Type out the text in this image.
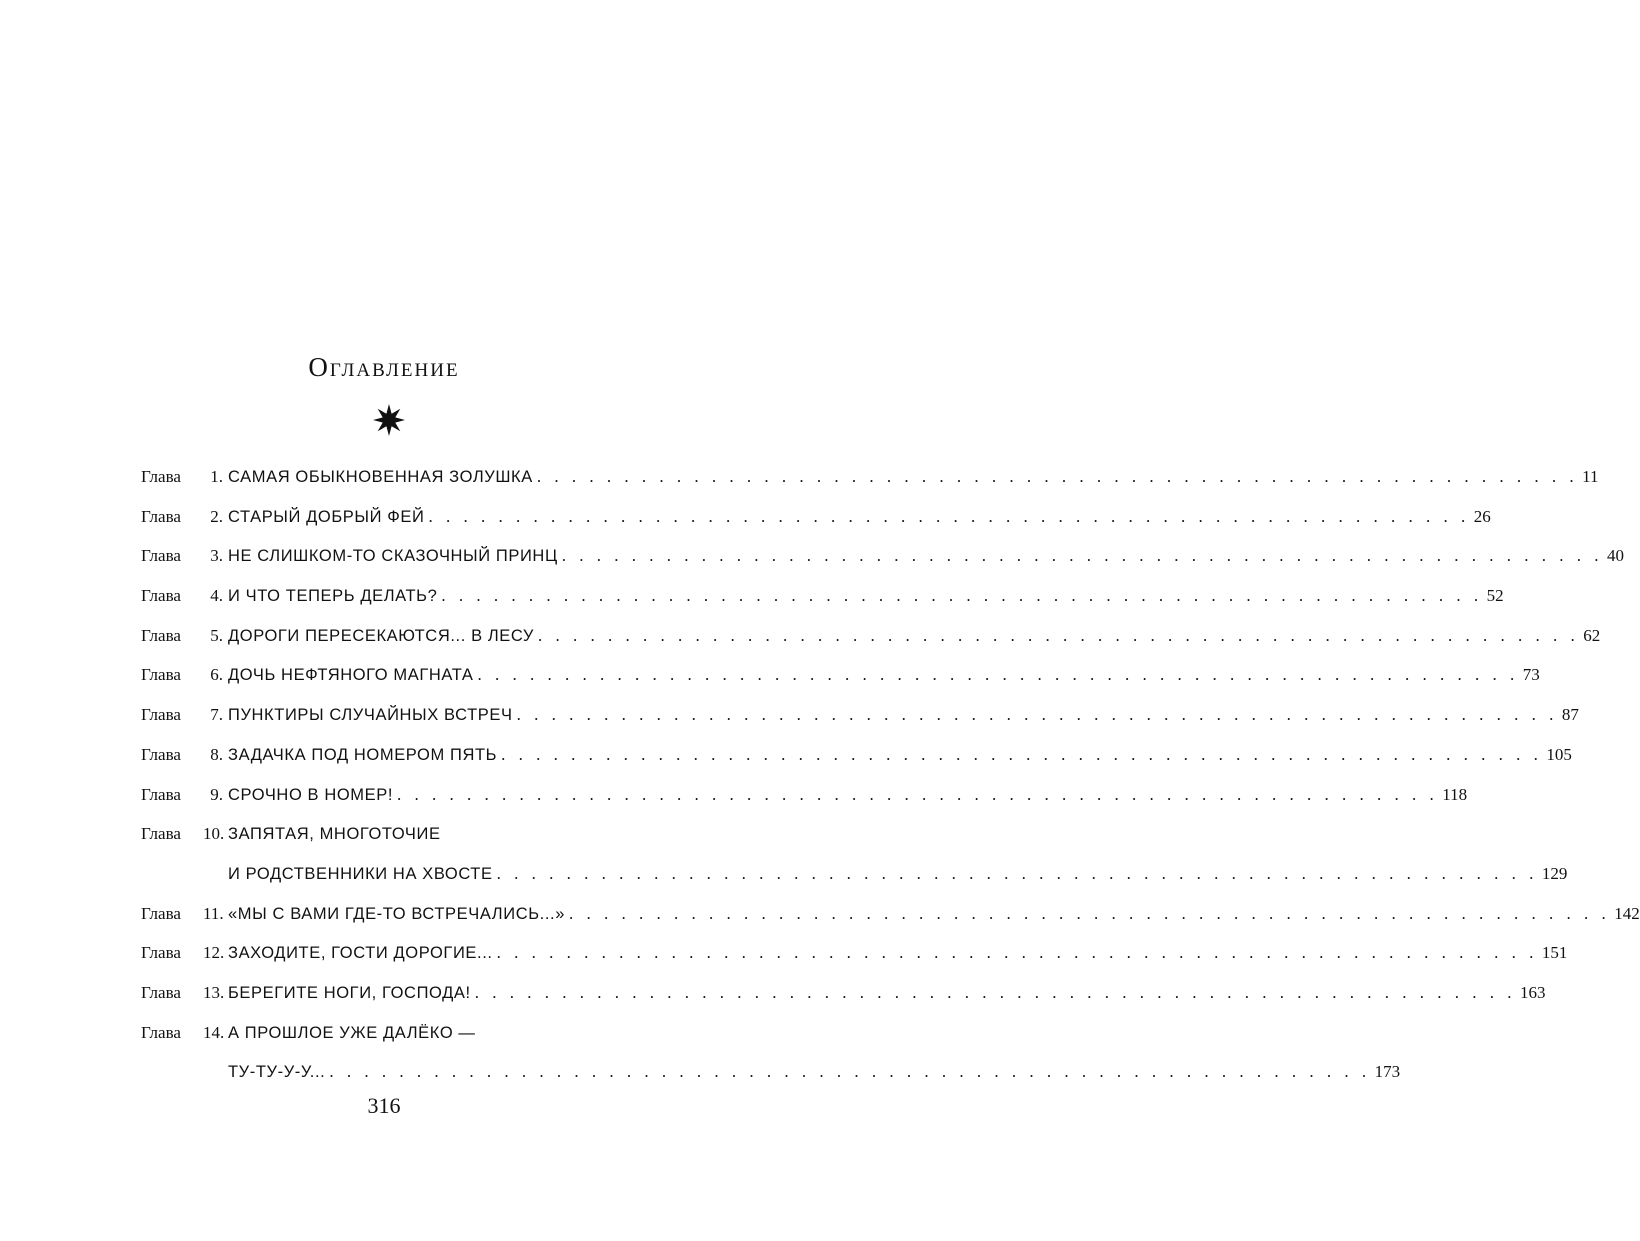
Оглавление
Глава	1. САМАЯ ОБЫКНОВЕННАЯ ЗОЛУШКА . . . . . . . . . . . . . . . . . . . . . . . . . . . . . . . . . . . . . . . . . . . . . . . . . . . . . . . . . . . . 11
Глава	2. СТАРЫЙ ДОБРЫЙ ФЕЙ . . . . . . . . . . . . . . . . . . . . . . . . . . . . . . . . . . . . . . . . . . . . . . . . . . . . . . . . . . . . 26
Глава	3. НЕ СЛИШКОМ-ТО СКАЗОЧНЫЙ ПРИНЦ . . . . . . . . . . . . . . . . . . . . . . . . . . . . . . . . . . . . . . . . . . . . . . . . . . . . . . . . . . . . 40
Глава	4. И ЧТО ТЕПЕРЬ ДЕЛАТЬ? . . . . . . . . . . . . . . . . . . . . . . . . . . . . . . . . . . . . . . . . . . . . . . . . . . . . . . . . . . . . 52
Глава	5. ДОРОГИ ПЕРЕСЕКАЮТСЯ... В ЛЕСУ . . . . . . . . . . . . . . . . . . . . . . . . . . . . . . . . . . . . . . . . . . . . . . . . . . . . . . . . . . . . 62
Глава	6. ДОЧЬ НЕФТЯНОГО МАГНАТА . . . . . . . . . . . . . . . . . . . . . . . . . . . . . . . . . . . . . . . . . . . . . . . . . . . . . . . . . . . . 73
Глава	7. ПУНКТИРЫ СЛУЧАЙНЫХ ВСТРЕЧ . . . . . . . . . . . . . . . . . . . . . . . . . . . . . . . . . . . . . . . . . . . . . . . . . . . . . . . . . . . . 87
Глава	8. ЗАДАЧКА ПОД НОМЕРОМ ПЯТЬ . . . . . . . . . . . . . . . . . . . . . . . . . . . . . . . . . . . . . . . . . . . . . . . . . . . . . . . . . . . . 105
Глава	9. СРОЧНО В НОМЕР! . . . . . . . . . . . . . . . . . . . . . . . . . . . . . . . . . . . . . . . . . . . . . . . . . . . . . . . . . . . . 118
Глава	10. ЗАПЯТАЯ, МНОГОТОЧИЕ
И РОДСТВЕННИКИ НА ХВОСТЕ . . . . . . . . . . . . . . . . . . . . . . . . . . . . . . . . . . . . . . . . . . . . . . . . . . . . . . . . . . . . 129
Глава	11. «МЫ С ВАМИ ГДЕ-ТО ВСТРЕЧАЛИСЬ...» . . . . . . . . . . . . . . . . . . . . . . . . . . . . . . . . . . . . . . . . . . . . . . . . . . . . . . . . . . . . 142
Глава	12. ЗАХОДИТЕ, ГОСТИ ДОРОГИЕ... . . . . . . . . . . . . . . . . . . . . . . . . . . . . . . . . . . . . . . . . . . . . . . . . . . . . . . . . . . . . 151
Глава	13. БЕРЕГИТЕ НОГИ, ГОСПОДА! . . . . . . . . . . . . . . . . . . . . . . . . . . . . . . . . . . . . . . . . . . . . . . . . . . . . . . . . . . . . 163
Глава	14. А ПРОШЛОЕ УЖЕ ДАЛЁКО —
ТУ-ТУ-У-У... . . . . . . . . . . . . . . . . . . . . . . . . . . . . . . . . . . . . . . . . . . . . . . . . . . . . . . . . . . . . 173

316
